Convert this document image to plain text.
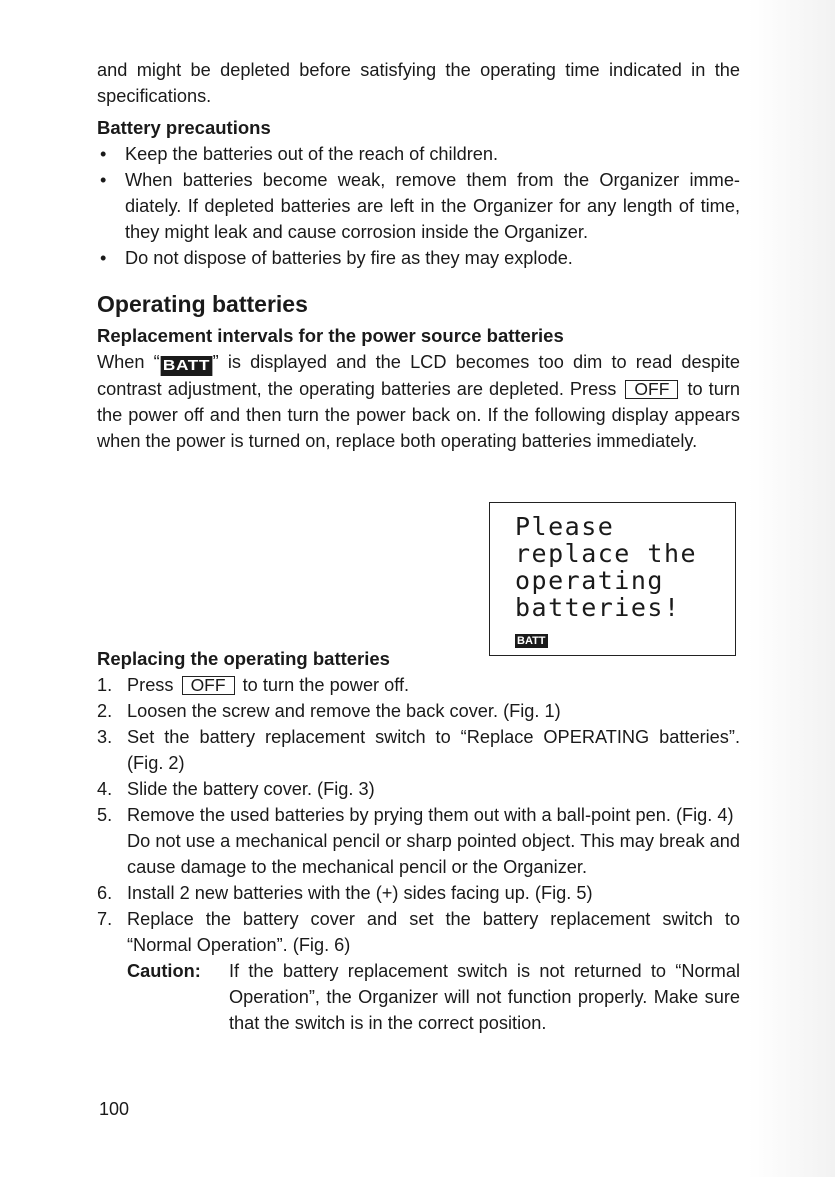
and might be depleted before satisfying the operating time indicated in the specifications.

Battery precautions
• Keep the batteries out of the reach of children.
• When batteries become weak, remove them from the Organizer imme-diately. If depleted batteries are left in the Organizer for any length of time, they might leak and cause corrosion inside the Organizer.
• Do not dispose of batteries by fire as they may explode.
Operating batteries
Replacement intervals for the power source batteries

When “ BATT ” is displayed and the LCD becomes too dim to read despite contrast adjustment, the operating batteries are depleted. Press OFF to turn the power off and then turn the power back on. If the following display appears when the power is turned on, replace both operating batteries immediately.

Replacing the operating batteries
1. Press OFF to turn the power off.
2. Loosen the screw and remove the back cover. (Fig. 1)
3. Set the battery replacement switch to “Replace OPERATING batteries”. (Fig. 2)
4. Slide the battery cover. (Fig. 3)
5. Remove the used batteries by prying them out with a ball-point pen. (Fig. 4)
Do not use a mechanical pencil or sharp pointed object. This may break and cause damage to the mechanical pencil or the Organizer.
6. Install 2 new batteries with the (+) sides facing up. (Fig. 5)
7. Replace the battery cover and set the battery replacement switch to “Normal Operation”. (Fig. 6)
Caution: If the battery replacement switch is not returned to “Normal Operation”, the Organizer will not function properly. Make sure that the switch is in the correct position.
Please
replace the
operating
batteries!
BATT
100
